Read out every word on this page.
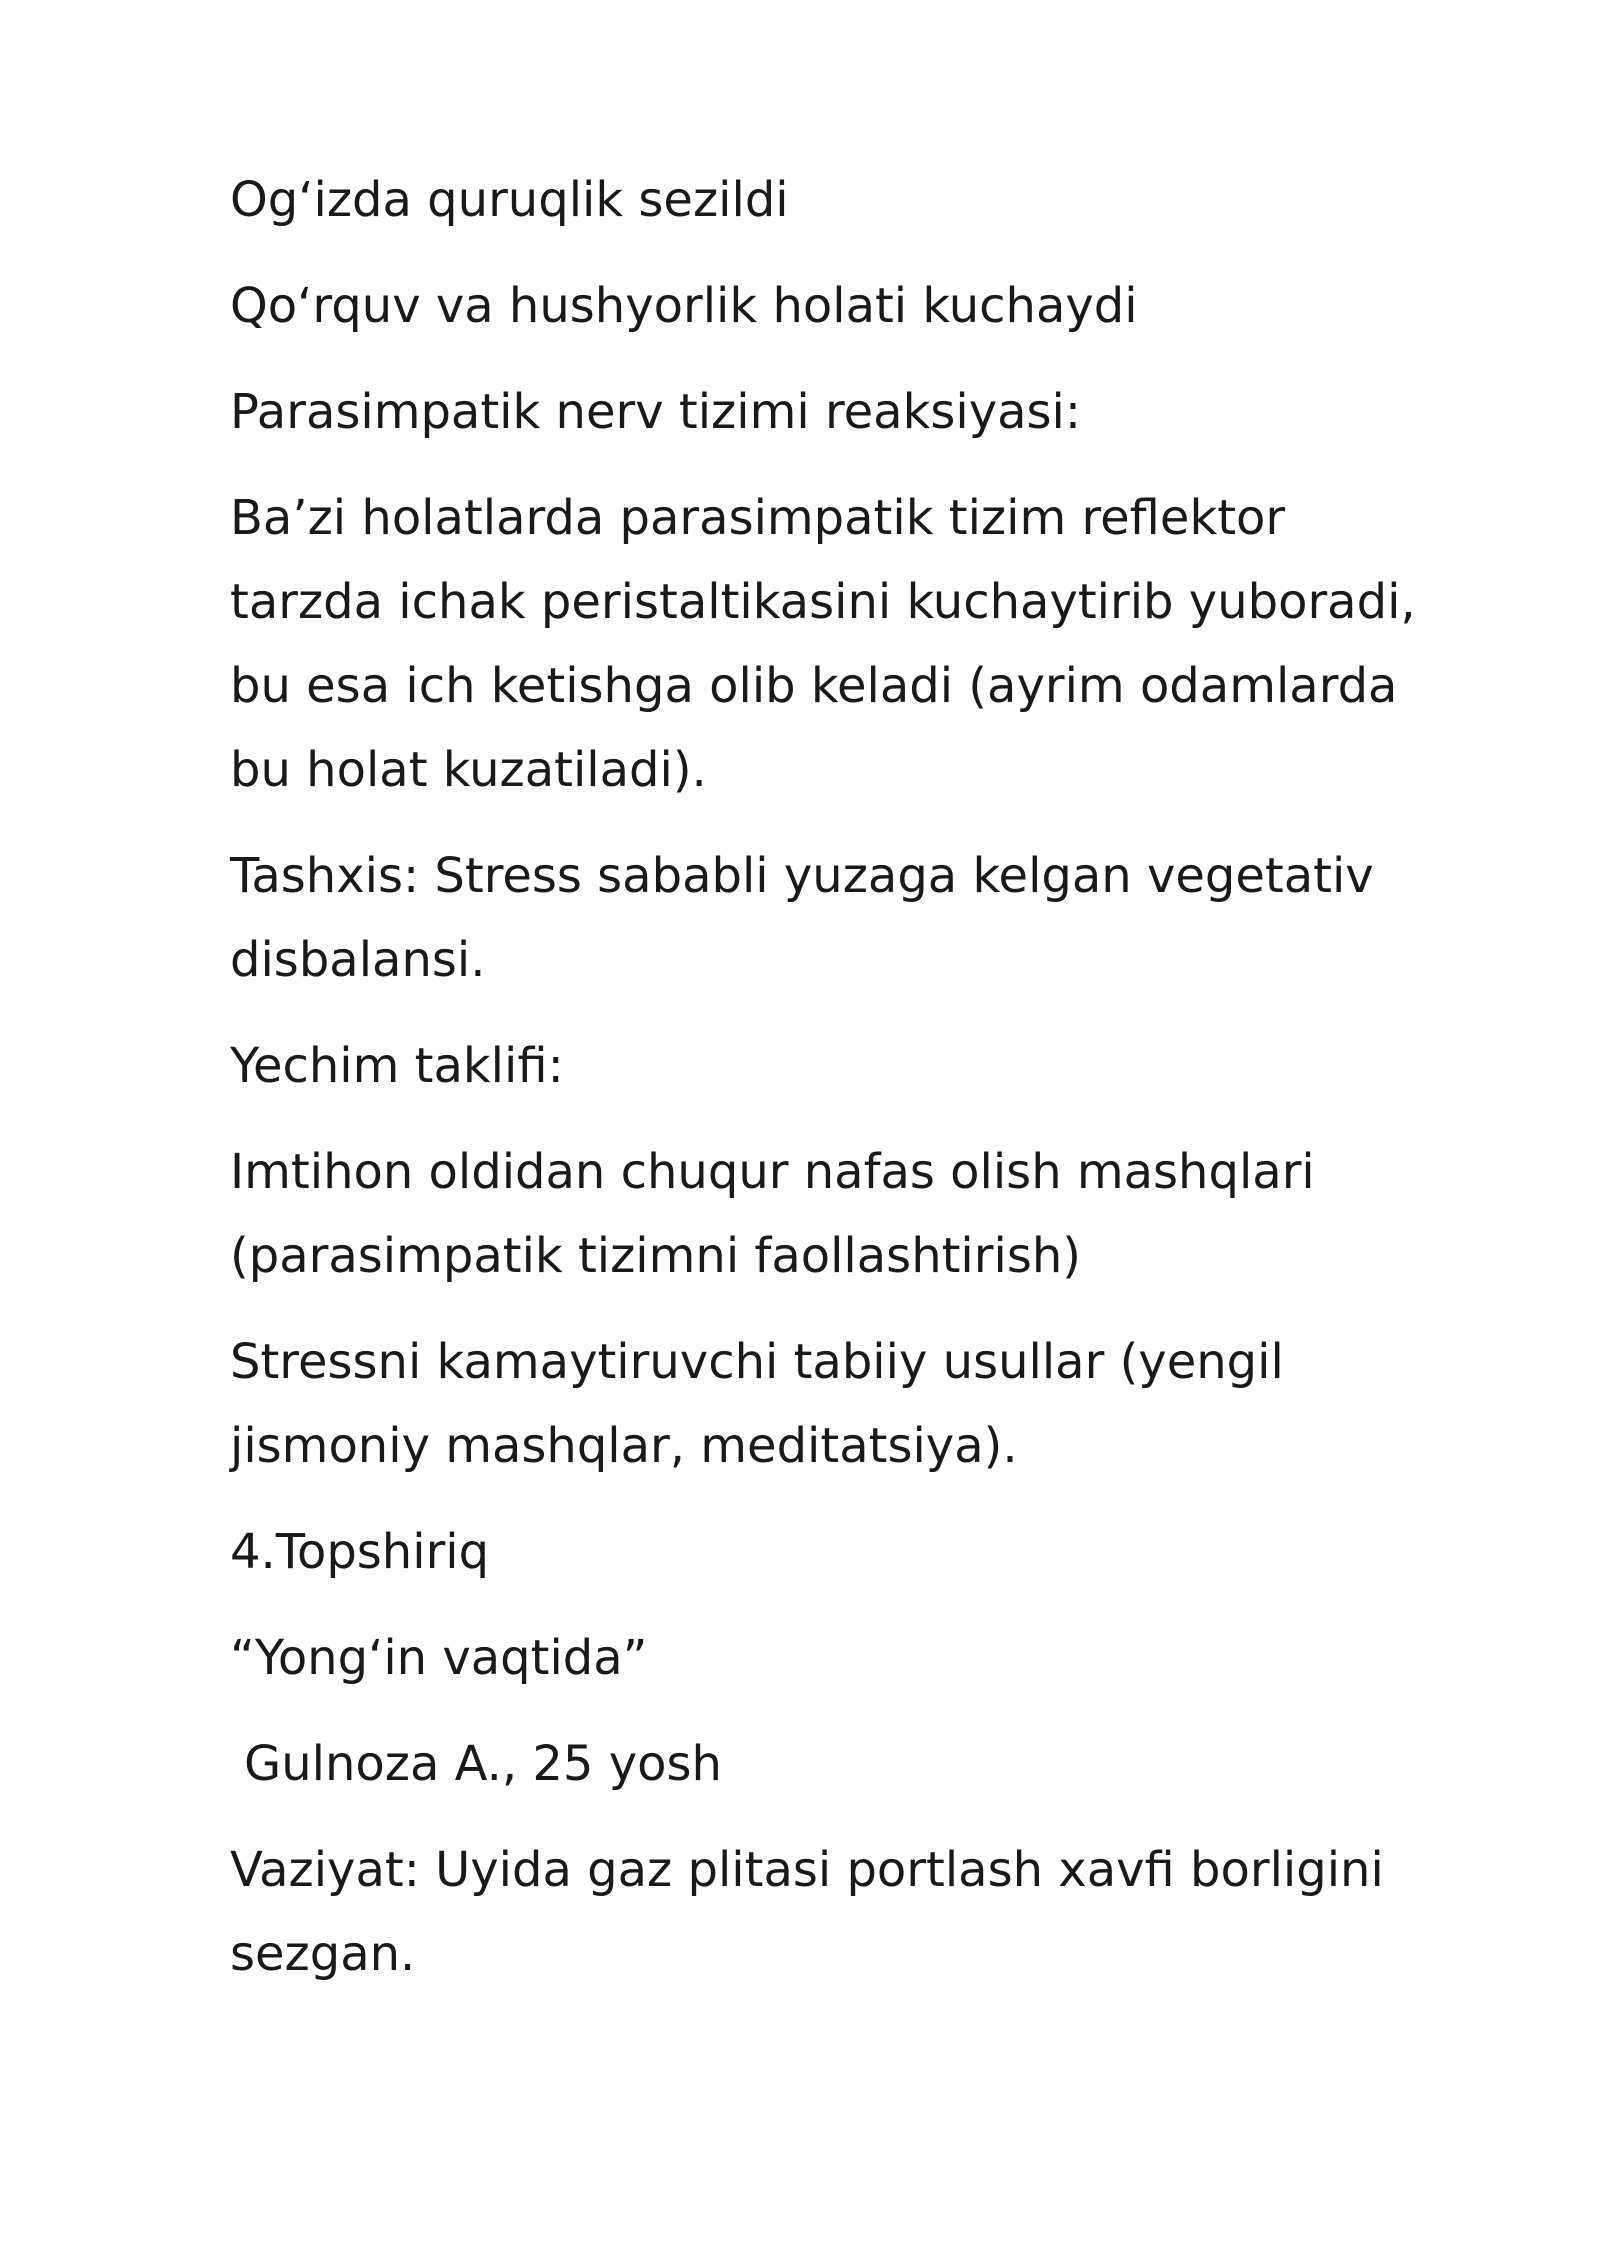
Og‘izda quruqlik sezildi

Qo‘rquv va hushyorlik holati kuchaydi

Parasimpatik nerv tizimi reaksiyasi:

Ba’zi holatlarda parasimpatik tizim reflektor
tarzda ichak peristaltikasini kuchaytirib yuboradi,
bu esa ich ketishga olib keladi (ayrim odamlarda
bu holat kuzatiladi).

Tashxis: Stress sababli yuzaga kelgan vegetativ
disbalansi.

Yechim taklifi:

Imtihon oldidan chuqur nafas olish mashqlari
(parasimpatik tizimni faollashtirish)

Stressni kamaytiruvchi tabiiy usullar (yengil
jismoniy mashqlar, meditatsiya).

4.Topshiriq

“Yong‘in vaqtida”

Gulnoza A., 25 yosh

Vaziyat: Uyida gaz plitasi portlash xavfi borligini
sezgan.
